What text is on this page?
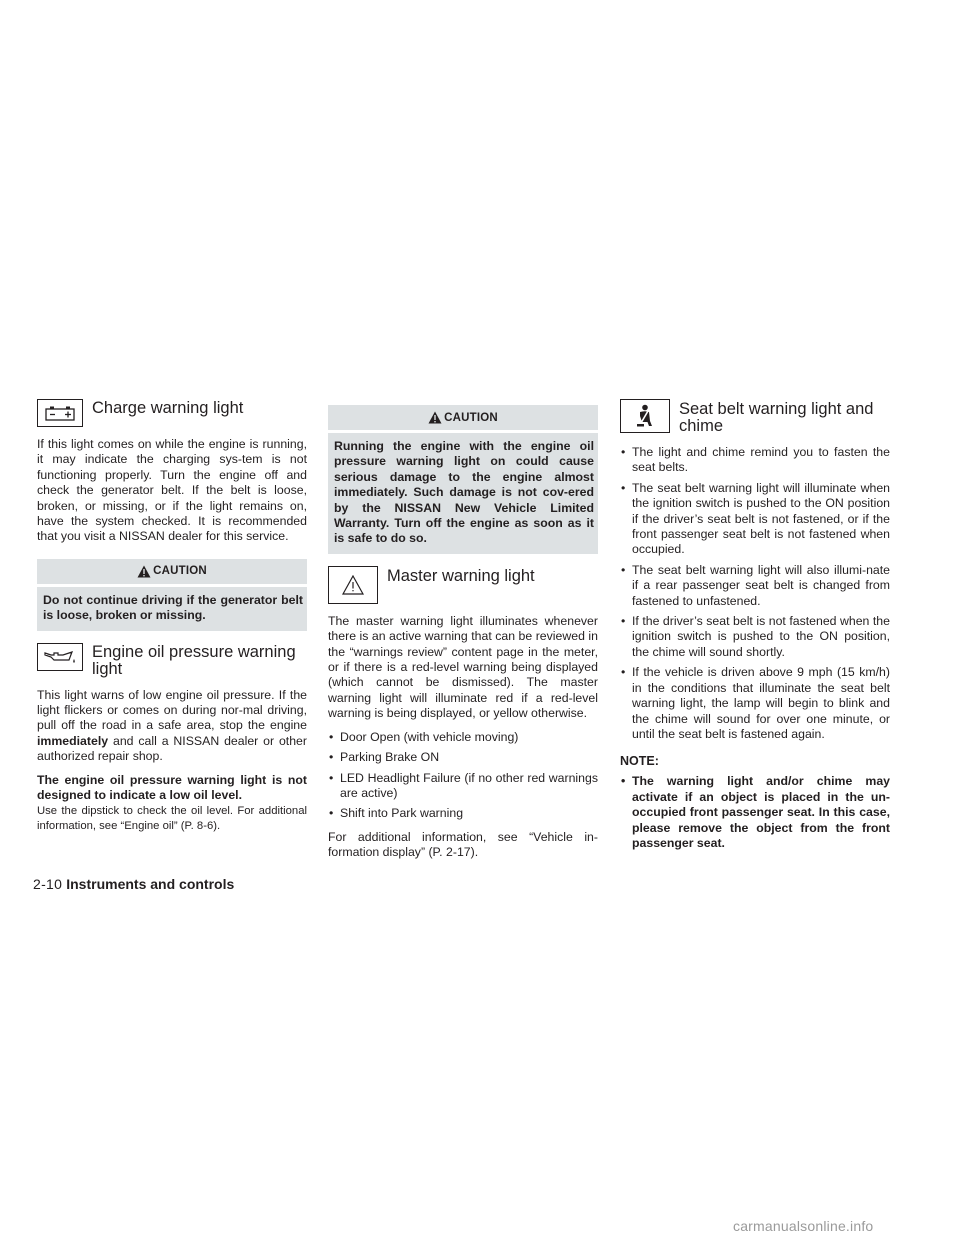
Charge warning light

If this light comes on while the engine is running, it may indicate the charging sys-tem is not functioning properly. Turn the engine off and check the generator belt. If the belt is loose, broken, or missing, or if the light remains on, have the system checked. It is recommended that you visit a NISSAN dealer for this service.

CAUTION
Do not continue driving if the generator belt is loose, broken or missing.
Engine oil pressure warning light

This light warns of low engine oil pressure. If the light flickers or comes on during nor-mal driving, pull off the road in a safe area, stop the engine immediately and call a NISSAN dealer or other authorized repair shop.

The engine oil pressure warning light is not designed to indicate a low oil level.

Use the dipstick to check the oil level. For additional information, see “Engine oil” (P. 8-6).

CAUTION
Running the engine with the engine oil pressure warning light on could cause serious damage to the engine almost immediately. Such damage is not cov-ered by the NISSAN New Vehicle Limited Warranty. Turn off the engine as soon as it is safe to do so.
Master warning light

The master warning light illuminates whenever there is an active warning that can be reviewed in the “warnings review” content page in the meter, or if there is a red-level warning being displayed (which cannot be dismissed). The master warning light will illuminate red if a red-level warning is being displayed, or yellow otherwise.

• Door Open (with vehicle moving)
• Parking Brake ON
• LED Headlight Failure (if no other red warnings are active)
• Shift into Park warning

For additional information, see “Vehicle in-formation display” (P. 2-17).

Seat belt warning light and chime
• The light and chime remind you to fasten the seat belts.
• The seat belt warning light will illuminate when the ignition switch is pushed to the ON position if the driver’s seat belt is not fastened, or if the front passenger seat belt is not fastened when occupied.
• The seat belt warning light will also illumi-nate if a rear passenger seat belt is changed from fastened to unfastened.
• If the driver’s seat belt is not fastened when the ignition switch is pushed to the ON position, the chime will sound shortly.
• If the vehicle is driven above 9 mph (15 km/h) in the conditions that illuminate the seat belt warning light, the lamp will begin to blink and the chime will sound for over one minute, or until the seat belt is fastened again.
NOTE:
• The warning light and/or chime may activate if an object is placed in the un-occupied front passenger seat. In this case, please remove the object from the front passenger seat.
2-10 Instruments and controls
carmanualsonline.info
